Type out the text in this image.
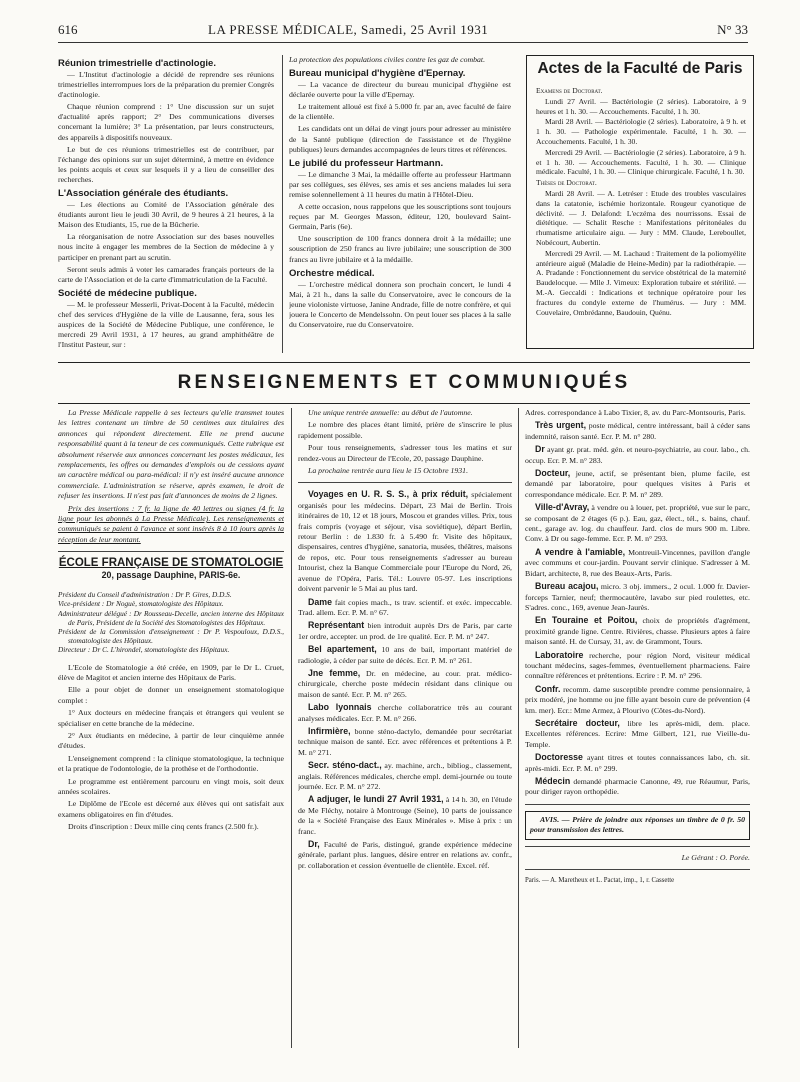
616	LA PRESSE MÉDICALE, Samedi, 25 Avril 1931	N° 33
Réunion trimestrielle d'actinologie.

— L'Institut d'actinologie a décidé de reprendre ses réunions trimestrielles interrompues lors de la préparation du premier Congrès d'actinologie.

Chaque réunion comprend : 1° Une discussion sur un sujet d'actualité après rapport; 2° Des communications diverses concernant la lumière; 3° La présentation, par leurs constructeurs, des appareils à dispositifs nouveaux.

Le but de ces réunions trimestrielles est de contribuer, par l'échange des opinions sur un sujet déterminé, à mettre en évidence les points acquis et ceux sur lesquels il y a lieu de conseiller des recherches.

L'Association générale des étudiants.

— Les élections au Comité de l'Association générale des étudiants auront lieu le jeudi 30 Avril, de 9 heures à 21 heures, à la Maison des Etudiants, 15, rue de la Bûcherie.

La réorganisation de notre Association sur des bases nouvelles nous incite à engager les membres de la Section de médecine à y participer en prenant part au scrutin.

Seront seuls admis à voter les camarades français porteurs de la carte de l'Association et de la carte d'immatriculation de la Faculté.

Société de médecine publique.

— M. le professeur Messerli, Privat-Docent à la Faculté, médecin chef des services d'Hygiène de la ville de Lausanne, fera, sous les auspices de la Société de Médecine Publique, une conférence, le mercredi 29 Avril 1931, à 17 heures, au grand amphithéâtre de l'Institut Pasteur, sur :

La protection des populations civiles contre les gaz de combat.

Bureau municipal d'hygiène d'Epernay.

— La vacance de directeur du bureau municipal d'hygiène est déclarée ouverte pour la ville d'Epernay.

Le traitement alloué est fixé à 5.000 fr. par an, avec faculté de faire de la clientèle.

Les candidats ont un délai de vingt jours pour adresser au ministère de la Santé publique (direction de l'assistance et de l'hygiène publiques) leurs demandes accompagnées de leurs titres et références.

Le jubilé du professeur Hartmann.

— Le dimanche 3 Mai, la médaille offerte au professeur Hartmann par ses collègues, ses élèves, ses amis et ses anciens malades lui sera remise solennellement à 11 heures du matin à l'Hôtel-Dieu.

A cette occasion, nous rappelons que les souscriptions sont toujours reçues par M. Georges Masson, éditeur, 120, boulevard Saint-Germain, Paris (6e).

Une souscription de 100 francs donnera droit à la médaille; une souscription de 250 francs au livre jubilaire; une souscription de 300 francs au livre jubilaire et à la médaille.

Orchestre médical.

— L'orchestre médical donnera son prochain concert, le lundi 4 Mai, à 21 h., dans la salle du Conservatoire, avec le concours de la jeune violoniste virtuose, Janine Andrade, fille de notre confrère, et qui jouera le Concerto de Mendelssohn. On peut louer ses places à la salle du Conservatoire, rue du Conservatoire.

Actes de la Faculté de Paris

Examens de Doctorat.

Lundi 27 Avril. — Bactériologie (2 séries). Laboratoire, à 9 heures et 1 h. 30. — Accouchements. Faculté, 1 h. 30.

Mardi 28 Avril. — Bactériologie (2 séries). Laboratoire, à 9 h. et 1 h. 30. — Pathologie expérimentale. Faculté, 1 h. 30. — Accouchements. Faculté, 1 h. 30.

Mercredi 29 Avril. — Bactériologie (2 séries). Laboratoire, à 9 h. et 1 h. 30. — Accouchements. Faculté, 1 h. 30. — Clinique médicale. Faculté, 1 h. 30. — Clinique chirurgicale. Faculté, 1 h. 30.

Thèses de Doctorat.

Mardi 28 Avril. — A. Letréser : Etude des troubles vasculaires dans la catatonie, ischémie horizontale. Rougeur cyanotique de déclivité. — J. Delafond: L'eczéma des nourrissons. Essai de diététique. — Schalit Resche : Manifestations péritonéales du rhumatisme articulaire aigu. — Jury : MM. Claude, Lereboullet, Nobécourt, Aubertin.

Mercredi 29 Avril. — M. Lachaud : Traitement de la poliomyélite antérieure aiguë (Maladie de Heine-Medin) par la radiothérapie. — A. Pradande : Fonctionnement du service obstétrical de la maternité Baudelocque. — Mlle J. Vimeux: Exploration tubaire et stérilité. — M.-A. Geccaldi : Indications et technique opératoire pour les fractures du condyle externe de l'humérus. — Jury : MM. Couvelaire, Ombrédanne, Baudouin, Quénu.

RENSEIGNEMENTS ET COMMUNIQUÉS

La Presse Médicale rappelle à ses lecteurs qu'elle transmet toutes les lettres contenant un timbre de 50 centimes aux titulaires des annonces qui répondent directement. Elle ne prend aucune responsabilité quant à la teneur de ces communiqués. Cette rubrique est absolument réservée aux annonces concernant les postes médicaux, les remplacements, les offres ou demandes d'emplois ou de cessions ayant un caractère médical ou para-médical: il n'y est inséré aucune annonce commerciale. L'administration se réserve, après examen, le droit de refuser les insertions. Il n'est pas fait d'annonces de moins de 2 lignes.

Prix des insertions : 7 fr. la ligne de 40 lettres ou signes (4 fr. la ligne pour les abonnés à La Presse Médicale). Les renseignements et communiqués se paient à l'avance et sont insérés 8 à 10 jours après la réception de leur montant.

ÉCOLE FRANÇAISE DE STOMATOLOGIE
20, passage Dauphine, PARIS-6e.

Président du Conseil d'administration : Dr P. Gires, D.D.S.

Vice-président : Dr Noguè, stomatologiste des Hôpitaux.

Administrateur délégué : Dr Rousseau-Decelle, ancien interne des Hôpitaux de Paris, Président de la Société des Stomatologistes des Hôpitaux.

Président de la Commission d'enseignement : Dr P. Vespouloux, D.D.S., stomatologiste des Hôpitaux.

Directeur : Dr C. L'hirondel, stomatologiste des Hôpitaux.

L'Ecole de Stomatologie a été créée, en 1909, par le Dr L. Cruet, élève de Magitot et ancien interne des Hôpitaux de Paris.

Elle a pour objet de donner un enseignement stomatologique complet :

1° Aux docteurs en médecine français et étrangers qui veulent se spécialiser en cette branche de la médecine.

2° Aux étudiants en médecine, à partir de leur cinquième année d'études.

L'enseignement comprend : la clinique stomatologique, la technique et la pratique de l'odontologie, de la prothèse et de l'orthodontie.

Le programme est entièrement parcouru en vingt mois, soit deux années scolaires.

Le Diplôme de l'Ecole est décerné aux élèves qui ont satisfait aux examens obligatoires en fin d'études.

Droits d'inscription : Deux mille cinq cents francs (2.500 fr.).

Une unique rentrée annuelle: au début de l'automne.

Le nombre des places étant limité, prière de s'inscrire le plus rapidement possible.

Pour tous renseignements, s'adresser tous les matins et sur rendez-vous au Directeur de l'Ecole, 20, passage Dauphine.

La prochaine rentrée aura lieu le 15 Octobre 1931.

Voyages en U. R. S. S., à prix réduit, spécialement organisés pour les médecins. Départ, 23 Mai de Berlin. Trois itinéraires de 10, 12 et 18 jours, Moscou et grandes villes. Prix, tous frais compris (voyage et séjour, visa soviétique), départ Berlin, retour Berlin : de 1.830 fr. à 5.490 fr. Visite des hôpitaux, dispensaires, centres d'hygiène, sanatoria, musées, théâtres, maisons de repos, etc. Pour tous renseignements s'adresser au bureau Intourist, chez la Banque Commerciale pour l'Europe du Nord, 26, avenue de l'Opéra, Paris. Tél.: Louvre 05-97. Les inscriptions doivent parvenir le 5 Mai au plus tard.

Dame fait copies mach., ts trav. scientif. et exéc. impeccable. Trad. allem. Ecr. P. M. n° 67.

Représentant bien introduit auprès Drs de Paris, par carte 1er ordre, accepter. un prod. de 1re qualité. Ecr. P. M. n° 247.

Bel apartement, 10 ans de bail, important matériel de radiologie, à céder par suite de décès. Ecr. P. M. n° 261.

Jne femme, Dr. en médecine, au cour. prat. médico-chirurgicale, cherche poste médecin résidant dans clinique ou maison de santé. Ecr. P. M. n° 265.

Labo lyonnais cherche collaboratrice très au courant analyses médicales. Ecr. P. M. n° 266.

Infirmière, bonne sténo-dactylo, demandée pour secrétariat technique maison de santé. Ecr. avec références et prétentions à P. M. n° 271.

Secr. sténo-dact., ay. machine, arch., bibliog., classement, anglais. Références médicales, cherche empl. demi-journée ou toute journée. Ecr. P. M. n° 272.

A adjuger, le lundi 27 Avril 1931, à 14 h. 30, en l'étude de Me Fléchy, notaire à Montrouge (Seine), 10 parts de jouissance de la « Société Française des Eaux Minérales ». Mise à prix : un franc.

Dr, Faculté de Paris, distingué, grande expérience médecine générale, parlant plus. langues, désire entrer en relations av. confr., pr. collaboration et cession éventuelle de clientèle. Excel. réf.

Adres. correspondance à Labo Tixier, 8, av. du Parc-Montsouris, Paris.

Très urgent, poste médical, centre intéressant, bail à céder sans indemnité, raison santé. Ecr. P. M. n° 280.

Dr ayant gr. prat. méd. gén. et neuro-psychiatrie, au cour. labo., ch. occup. Ecr. P. M. n° 283.

Docteur, jeune, actif, se présentant bien, plume facile, est demandé par laboratoire, pour quelques visites à Paris et correspondance médicale. Ecr. P. M. n° 289.

Ville-d'Avray, à vendre ou à louer, pet. propriété, vue sur le parc, se composant de 2 étages (6 p.). Eau, gaz, élect., tél., s. bains, chauf. cent., garage av. log. du chauffeur. Jard. clos de murs 900 m. Libre. Conv. à Dr ou sage-femme. Ecr. P. M. n° 293.

A vendre à l'amiable, Montreuil-Vincennes, pavillon d'angle avec communs et cour-jardin. Pouvant servir clinique. S'adresser à M. Bidart, architecte, 8, rue des Beaux-Arts, Paris.

Bureau acajou, micro. 3 obj. immers., 2 ocul. 1.000 fr. Davier-forceps Tarnier, neuf; thermocautère, lavabo sur pied roulettes, etc. S'adres. conc., 169, avenue Jean-Jaurès.

En Touraine et Poitou, choix de propriétés d'agrément, proximité grande ligne. Centre. Rivières, chasse. Plusieurs aptes à faire maison santé. H. de Cursay, 31, av. de Grammont, Tours.

Laboratoire recherche, pour région Nord, visiteur médical touchant médecins, sages-femmes, éventuellement pharmaciens. Faire connaître références et prétentions. Ecrire : P. M. n° 296.

Confr. recomm. dame susceptible prendre comme pensionnaire, à prix modéré, jne homme ou jne fille ayant besoin cure de prévention (4 km. mer). Ecr.: Mme Armez, à Plourivo (Côtes-du-Nord).

Secrétaire docteur, libre les après-midi, dem. place. Excellentes références. Ecrire: Mme Gilbert, 121, rue Vieille-du-Temple.

Doctoresse ayant titres et toutes connaissances labo, ch. sit. après-midi. Ecr. P. M. n° 299.

Médecin demandé pharmacie Canonne, 49, rue Réaumur, Paris, pour diriger rayon orthopédie.

AVIS. — Prière de joindre aux réponses un timbre de 0 fr. 50 pour transmission des lettres.

Le Gérant : O. Porée.

Paris. — A. Maretheux et L. Pactat, imp., 1, r. Cassette
